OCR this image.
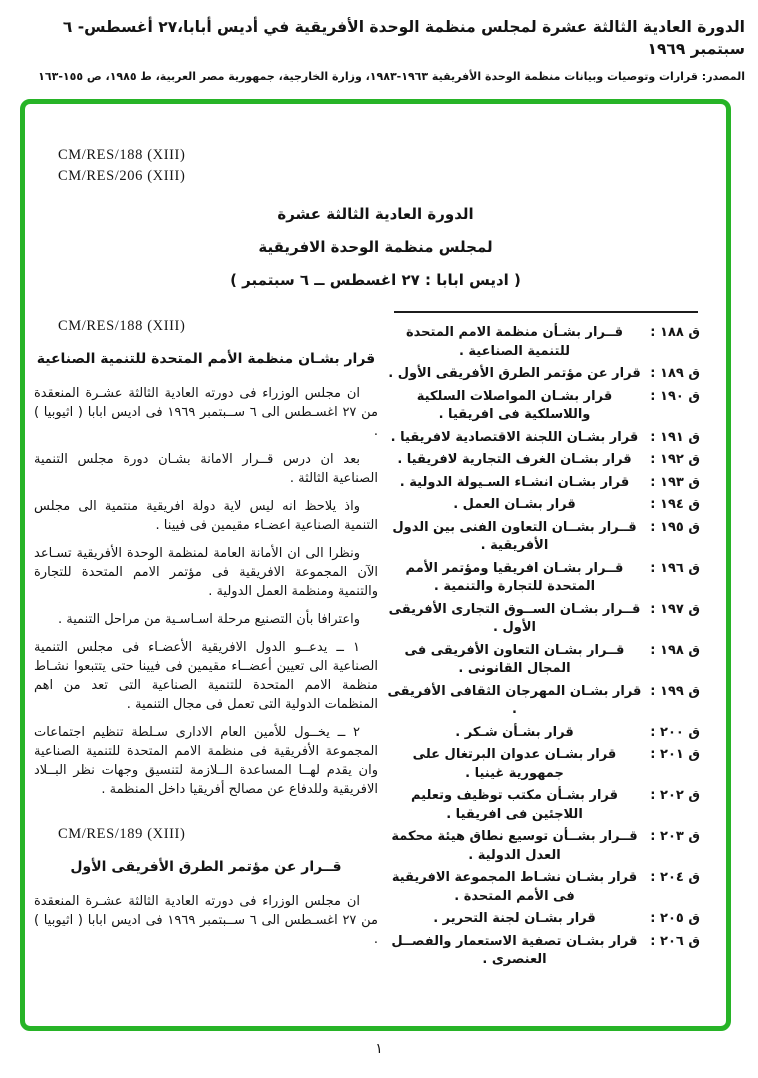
الدورة العادية الثالثة عشرة لمجلس منظمة الوحدة الأفريقية في أديس أبابا،٢٧ أغسطس- ٦ سبتمبر ١٩٦٩
المصدر: قرارات وتوصيات وبيانات منظمة الوحدة الأفريقية ١٩٦٣-١٩٨٣، وزارة الخارجية، جمهورية مصر العربية، ط ١٩٨٥، ص ١٥٥-١٦٣
CM/RES/188 (XIII)
CM/RES/206 (XIII)
الدورة العادية الثالثة عشرة
لمجلس منظمة الوحدة الافريقية
( اديس ابابا : ٢٧ اغسطس ــ ٦ سبتمبر )
CM/RES/188 (XIII)
قرار بشـان منظمة الأمم المتحدة للتنمية الصناعية

ان مجلس الوزراء فى دورته العادية الثالثة عشـرة المنعقدة من ٢٧ اغسـطس الى ٦ ســبتمبر ١٩٦٩ فى اديس ابابا ( اثيوبيا ) .

بعد ان درس قــرار الامانة بشـان دورة مجلس التنمية الصناعية الثالثة .

واذ يلاحظ انه ليس لاية دولة افريقية منتمية الى مجلس التنمية الصناعية اعضـاء مقيمين فى فيينا .

ونظرا الى ان الأمانة العامة لمنظمة الوحدة الأفريقية تسـاعد الآن المجموعة الافريقية فى مؤتمر الامم المتحدة للتجارة والتنمية ومنظمة العمل الدولية .

واعترافا بأن التصنيع مرحلة اسـاسـية من مراحل التنمية .

١ ــ يدعــو الدول الافريقية الأعضـاء فى مجلس التنمية الصناعية الى تعيين أعضــاء مقيمين فى فيينا حتى يتتبعوا نشـاط منظمة الامم المتحدة للتنمية الصناعية التى تعد من اهم المنظمات الدولية التى تعمل فى مجال التنمية .

٢ ــ يخــول للأمين العام الادارى سـلطة تنظيم اجتماعات المجموعة الأفريقية فى منظمة الامم المتحدة للتنمية الصناعية وان يقدم لهــا المساعدة الــلازمة لتنسيق وجهات نظر البــلاد الافريقية وللدفاع عن مصالح أفريقيا داخل المنظمة .

CM/RES/189 (XIII)
قــرار عن مؤتمر الطرق الأفريقى الأول

ان مجلس الوزراء فى دورته العادية الثالثة عشـرة المنعقدة من ٢٧ اغسـطس الى ٦ ســبتمبر ١٩٦٩ فى اديس ابابا ( اثيوبيا ) .

ق ١٨٨ :
قــرار بشـأن منظمة الامم المتحدة للتنمية الصناعية .
ق ١٨٩ :
قرار عن مؤتمر الطرق الأفريقى الأول .
ق ١٩٠ :
قرار بشـان المواصلات السلكية واللاسلكية فى افريقيا .
ق ١٩١ :
قرار بشـان اللجنة الاقتصادية لافريقيا .
ق ١٩٢ :
قرار بشـان الغرف التجارية لافريقيا .
ق ١٩٣ :
قرار بشـان انشـاء السـيولة الدولية .
ق ١٩٤ :
قرار بشـان العمل .
ق ١٩٥ :
قــرار بشــان التعاون الفنى بين الدول الأفريقية .
ق ١٩٦ :
قــرار بشـان افريقيا ومؤتمر الأمم المتحدة للتجارة والتنمية .
ق ١٩٧ :
قــرار بشـان الســوق التجارى الأفريقى الأول .
ق ١٩٨ :
قــرار بشـان التعاون الأفريقى فى المجال القانونى .
ق ١٩٩ :
قرار بشـان المهرجان الثقافى الأفريقى .
ق ٢٠٠ :
قرار بشـأن شـكر .
ق ٢٠١ :
قرار بشـان عدوان البرتغال على جمهورية غينيا .
ق ٢٠٢ :
قرار بشـأن مكتب توظيف وتعليم اللاجئين فى افريقيا .
ق ٢٠٣ :
قــرار بشــأن توسيع نطاق هيئة محكمة العدل الدولية .
ق ٢٠٤ :
قرار بشـان نشـاط المجموعة الافريقية فى الأمم المتحدة .
ق ٢٠٥ :
قرار بشـان لجنة التحرير .
ق ٢٠٦ :
قرار بشـان تصفية الاستعمار والفصــل العنصرى .
١
